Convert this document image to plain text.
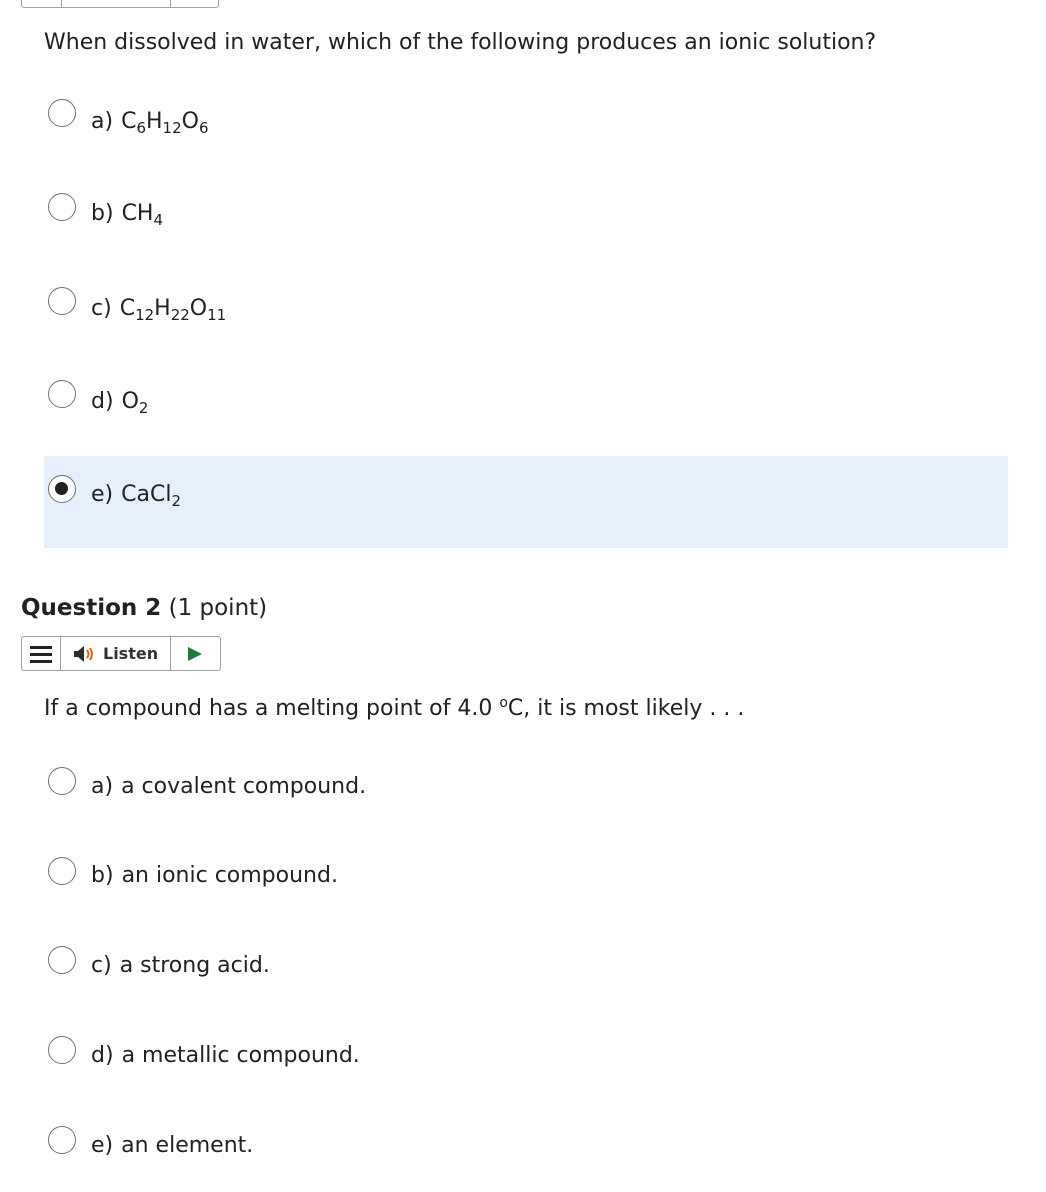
When dissolved in water, which of the following produces an ionic solution?
a) $C_6H_{12}O_6$
b) $CH_4$
c) $C_{12}H_{22}O_{11}$
d) $O_2$
e) CaCl$_2$
Question 2 (1 point)
Listen
If a compound has a melting point of 4.0 $^o$C, it is most likely . . .
a) a covalent compound.
b) an ionic compound.
c) a strong acid.
d) a metallic compound.
e) an element.
